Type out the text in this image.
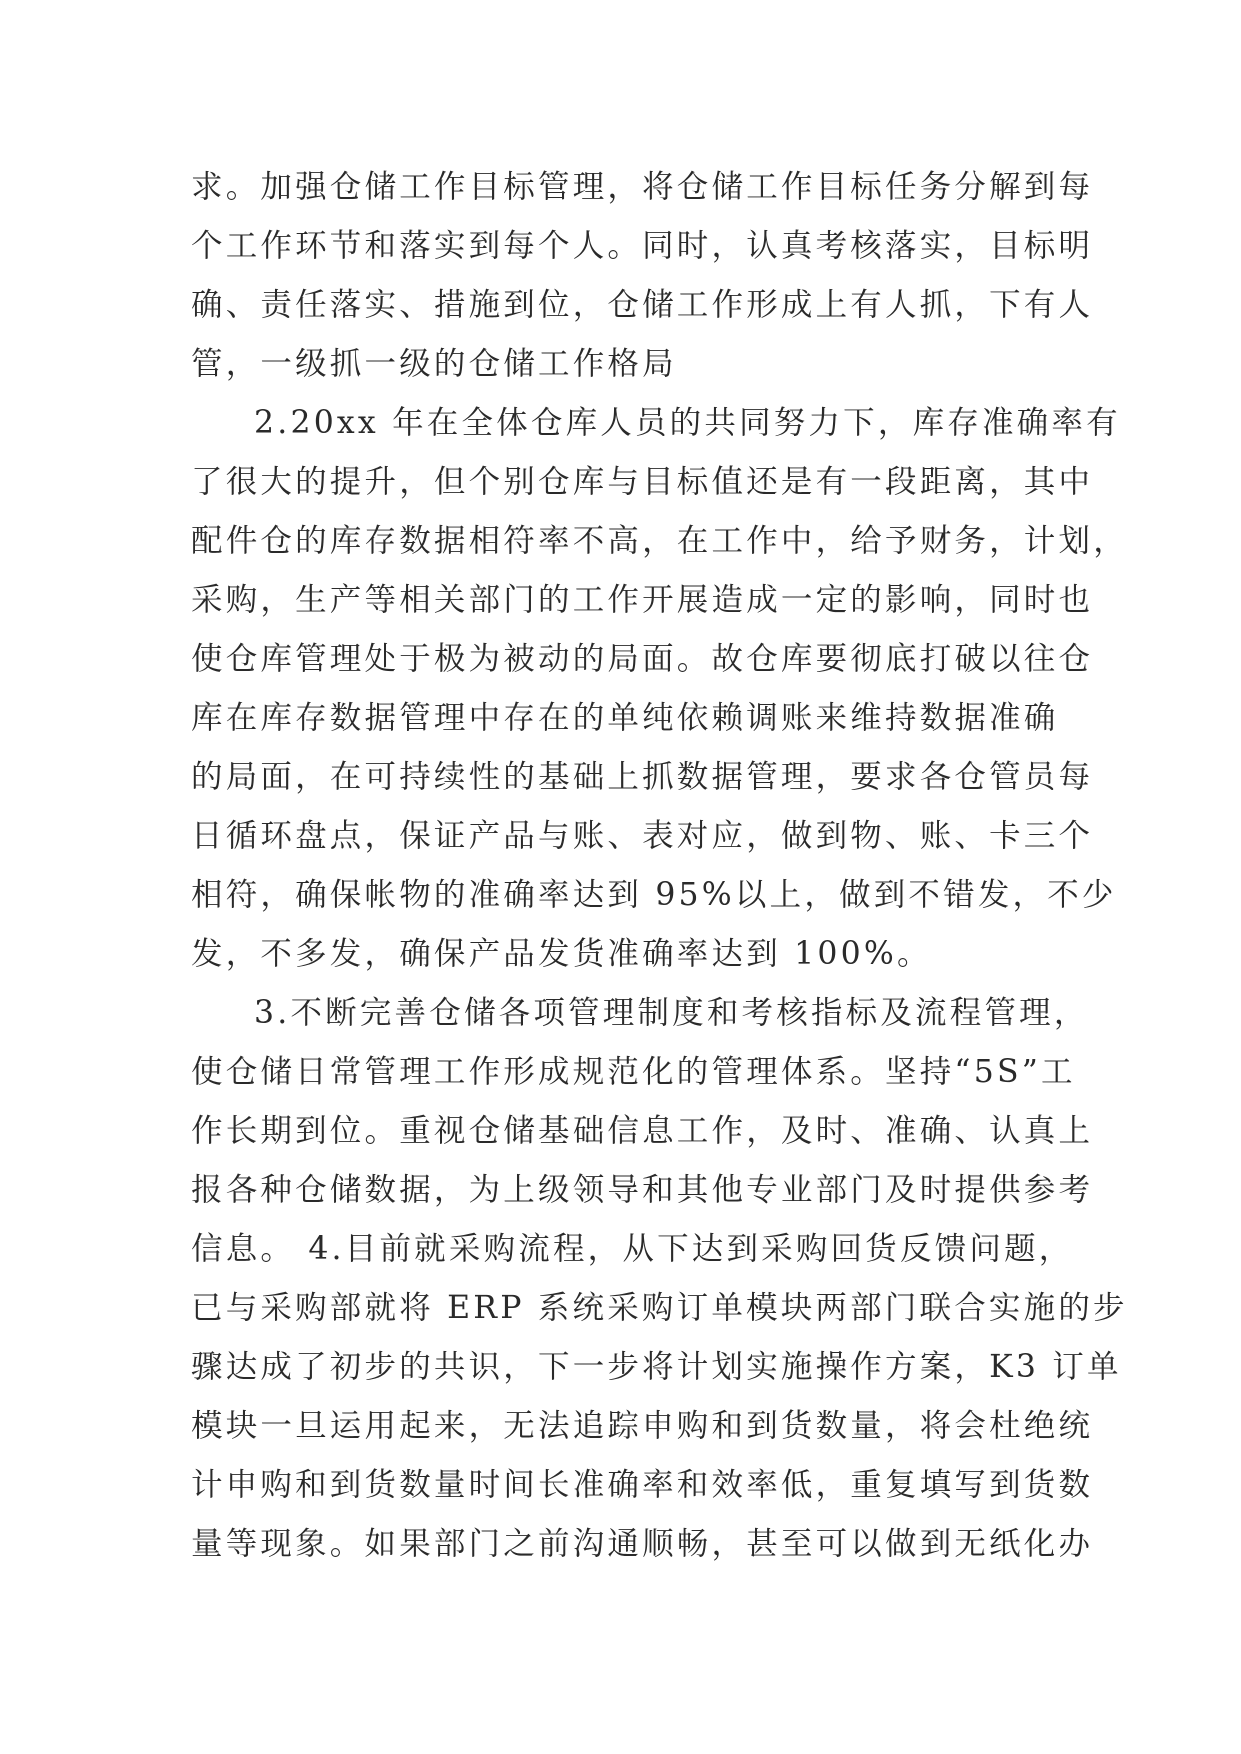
求。加强仓储工作目标管理，将仓储工作目标任务分解到每
个工作环节和落实到每个人。同时，认真考核落实，目标明
确、责任落实、措施到位，仓储工作形成上有人抓，下有人
管，一级抓一级的仓储工作格局
2.20xx 年在全体仓库人员的共同努力下，库存准确率有
了很大的提升，但个别仓库与目标值还是有一段距离，其中
配件仓的库存数据相符率不高，在工作中，给予财务，计划，
采购，生产等相关部门的工作开展造成一定的影响，同时也
使仓库管理处于极为被动的局面。故仓库要彻底打破以往仓
库在库存数据管理中存在的单纯依赖调账来维持数据准确
的局面，在可持续性的基础上抓数据管理，要求各仓管员每
日循环盘点，保证产品与账、表对应，做到物、账、卡三个
相符，确保帐物的准确率达到 95%以上，做到不错发，不少
发，不多发，确保产品发货准确率达到 100%。
3.不断完善仓储各项管理制度和考核指标及流程管理，
使仓储日常管理工作形成规范化的管理体系。坚持“5S”工
作长期到位。重视仓储基础信息工作，及时、准确、认真上
报各种仓储数据，为上级领导和其他专业部门及时提供参考
信息。 4.目前就采购流程，从下达到采购回货反馈问题，
已与采购部就将 ERP 系统采购订单模块两部门联合实施的步
骤达成了初步的共识，下一步将计划实施操作方案，K3 订单
模块一旦运用起来，无法追踪申购和到货数量，将会杜绝统
计申购和到货数量时间长准确率和效率低，重复填写到货数
量等现象。如果部门之前沟通顺畅，甚至可以做到无纸化办
